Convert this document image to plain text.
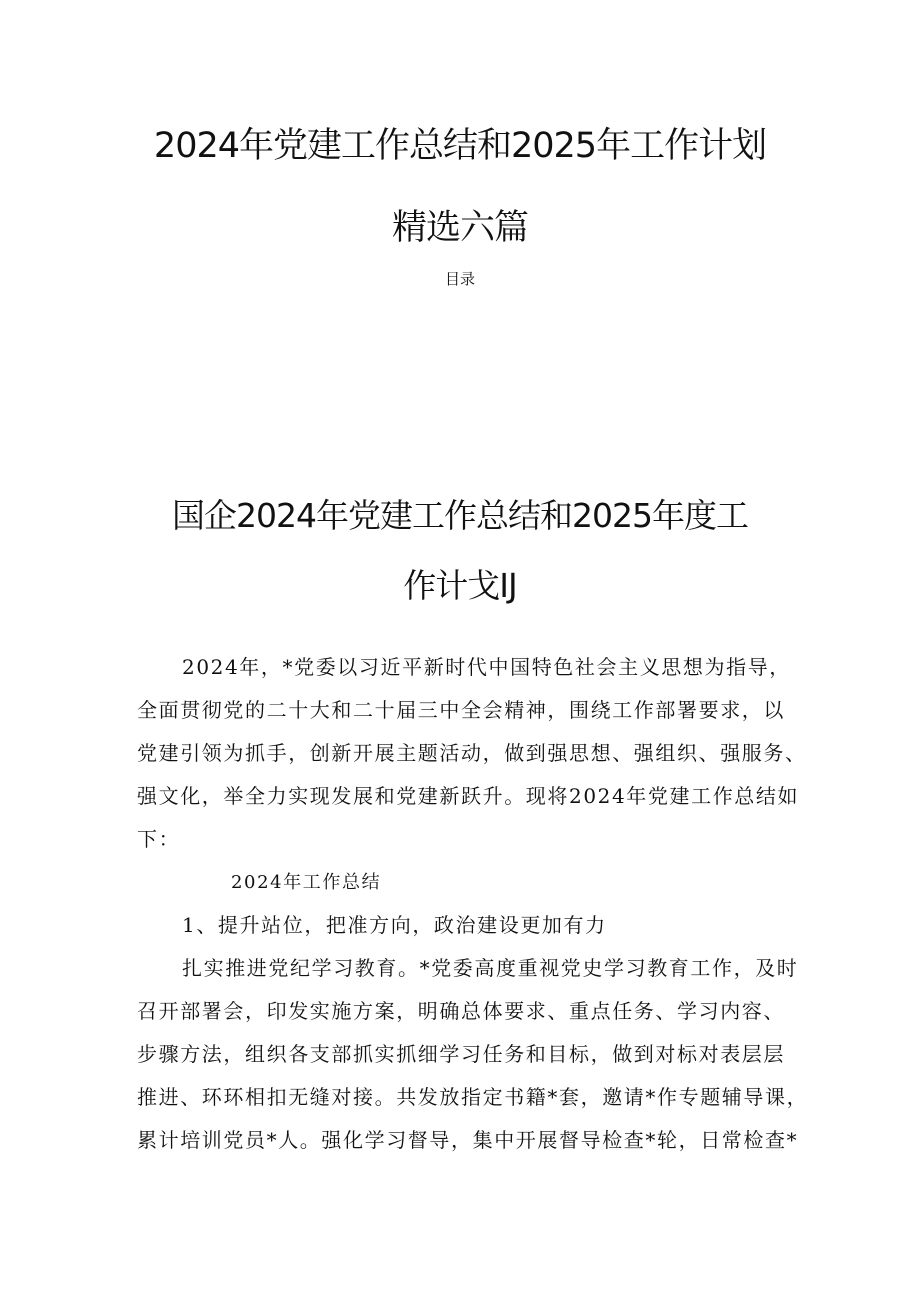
2024年党建工作总结和2025年工作计划
精选六篇
目录
国企2024年党建工作总结和2025年度工
作计戈IJ
2024年，*党委以习近平新时代中国特色社会主义思想为指导，
全面贯彻党的二十大和二十届三中全会精神，围绕工作部署要求，以
党建引领为抓手，创新开展主题活动，做到强思想、强组织、强服务、
强文化，举全力实现发展和党建新跃升。现将2024年党建工作总结如
下：
2024年工作总结
1、提升站位，把准方向，政治建设更加有力
扎实推进党纪学习教育。*党委高度重视党史学习教育工作，及时
召开部署会，印发实施方案，明确总体要求、重点任务、学习内容、
步骤方法，组织各支部抓实抓细学习任务和目标，做到对标对表层层
推进、环环相扣无缝对接。共发放指定书籍*套，邀请*作专题辅导课，
累计培训党员*人。强化学习督导，集中开展督导检查*轮，日常检查*
